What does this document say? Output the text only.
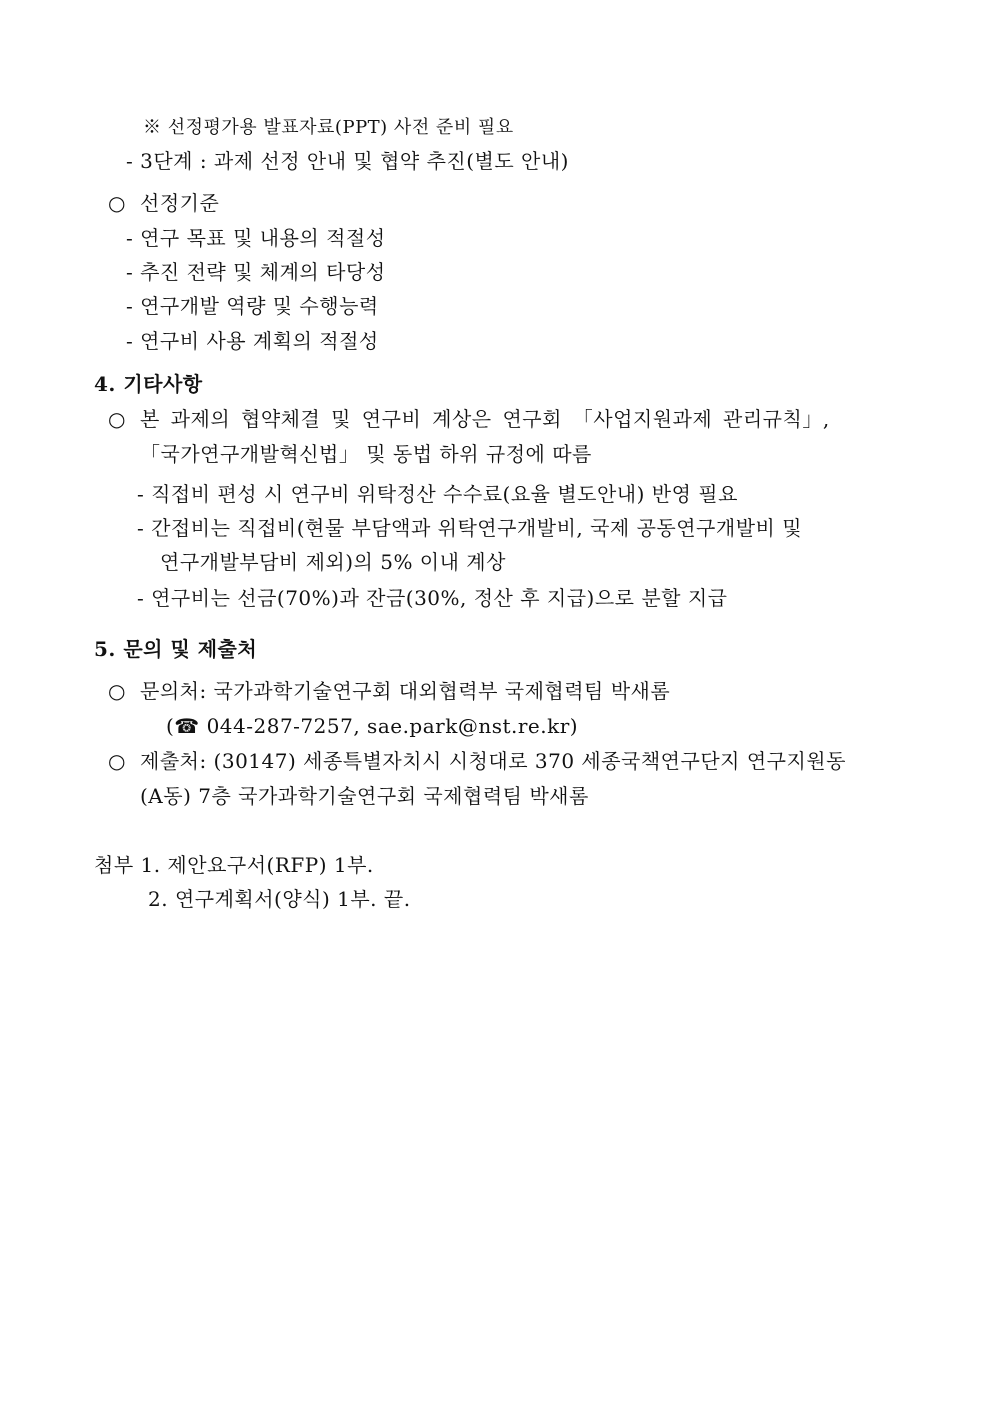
※ 선정평가용 발표자료(PPT) 사전 준비 필요
- 3단계 : 과제 선정 안내 및 협약 추진(별도 안내)
○ 선정기준
- 연구 목표 및 내용의 적절성
- 추진 전략 및 체계의 타당성
- 연구개발 역량 및 수행능력
- 연구비 사용 계획의 적절성
4. 기타사항
○ 본 과제의 협약체결 및 연구비 계상은 연구회 「사업지원과제 관리규칙」,
「국가연구개발혁신법」 및 동법 하위 규정에 따름
- 직접비 편성 시 연구비 위탁정산 수수료(요율 별도안내) 반영 필요
- 간접비는 직접비(현물 부담액과 위탁연구개발비, 국제 공동연구개발비 및
연구개발부담비 제외)의 5% 이내 계상
- 연구비는 선금(70%)과 잔금(30%, 정산 후 지급)으로 분할 지급
5. 문의 및 제출처
○ 문의처: 국가과학기술연구회 대외협력부 국제협력팀 박새롬
(☎ 044-287-7257, sae.park@nst.re.kr)
○ 제출처: (30147) 세종특별자치시 시청대로 370 세종국책연구단지 연구지원동
(A동) 7층 국가과학기술연구회 국제협력팀 박새롬
첨부 1. 제안요구서(RFP) 1부.
2. 연구계획서(양식) 1부. 끝.
